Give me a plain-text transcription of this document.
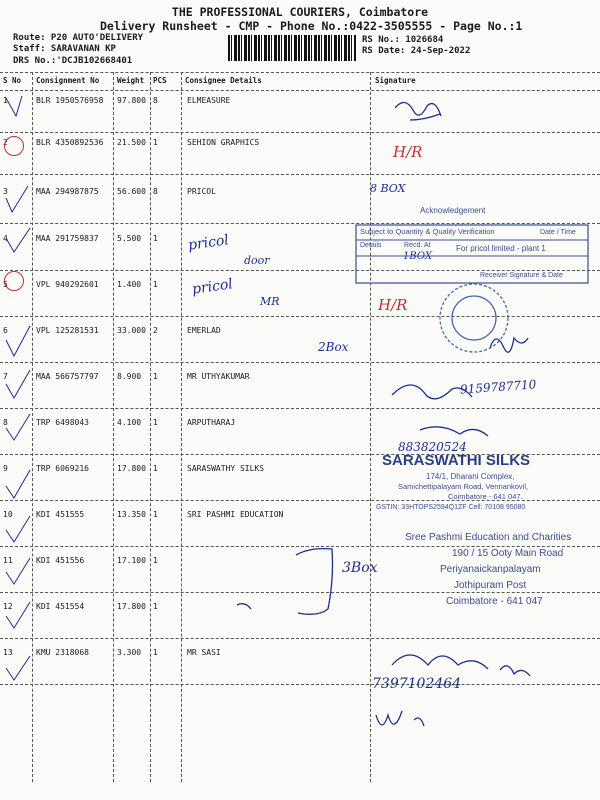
THE PROFESSIONAL COURIERS, Coimbatore
Delivery Runsheet - CMP - Phone No.:0422-3505555 - Page No.:1
Route: P20 AUTO'DELIVERY
Staff: SARAVANAN KP
DRS No.:'DCJB102668401
RS No.: 1026684
RS Date: 24-Sep-2022
S No Consignment No Weight PCS Consignee Details	Signature
1	BLR 1950576958 97.800 8	ELMEASURE
2	BLR 4350892536 21.500 1	SEHION GRAPHICS
3	MAA 294987875 56.600 8	PRICOL
4	MAA 291759837 5.500 1
5	VPL 940292601 1.400 1
6	VPL 125281531 33.000 2	EMERLAD
7	MAA 566757797 8.900 1	MR UTHYAKUMAR
8	TRP 6498043	4.100 1	ARPUTHARAJ
9	TRP 6069216	17.800 1	SARASWATHY SILKS
10	KDI 451555	13.350 1	SRI PASHMI EDUCATION
11	KDI 451556	17.100 1
12	KDI 451554	17.800 1
13	KMU 2318068	3.300 1	MR SASI
H/R
H/R
pricol
door
pricol
MR
2Box
3Box
9159787710
883820524
7397102464
8 BOX
1BOX
Acknowledgement
Subject to Quantity & Quality Verification
Details	Recd. At
Date / Time
For pricol limited - plant 1
Receiver Signature & Date
SARASWATHI SILKS
174/1, Dharani Complex,
Samichettipalayam Road, Vennankovil,
Coimbatore - 641 047.
GSTIN: 33HTOPS2594Q1ZF Cell: 70108 95080
Sree Pashmi Education and Charities
190 / 15 Ooty Main Road
Periyanaickanpalayam
Jothipuram Post
Coimbatore - 641 047
